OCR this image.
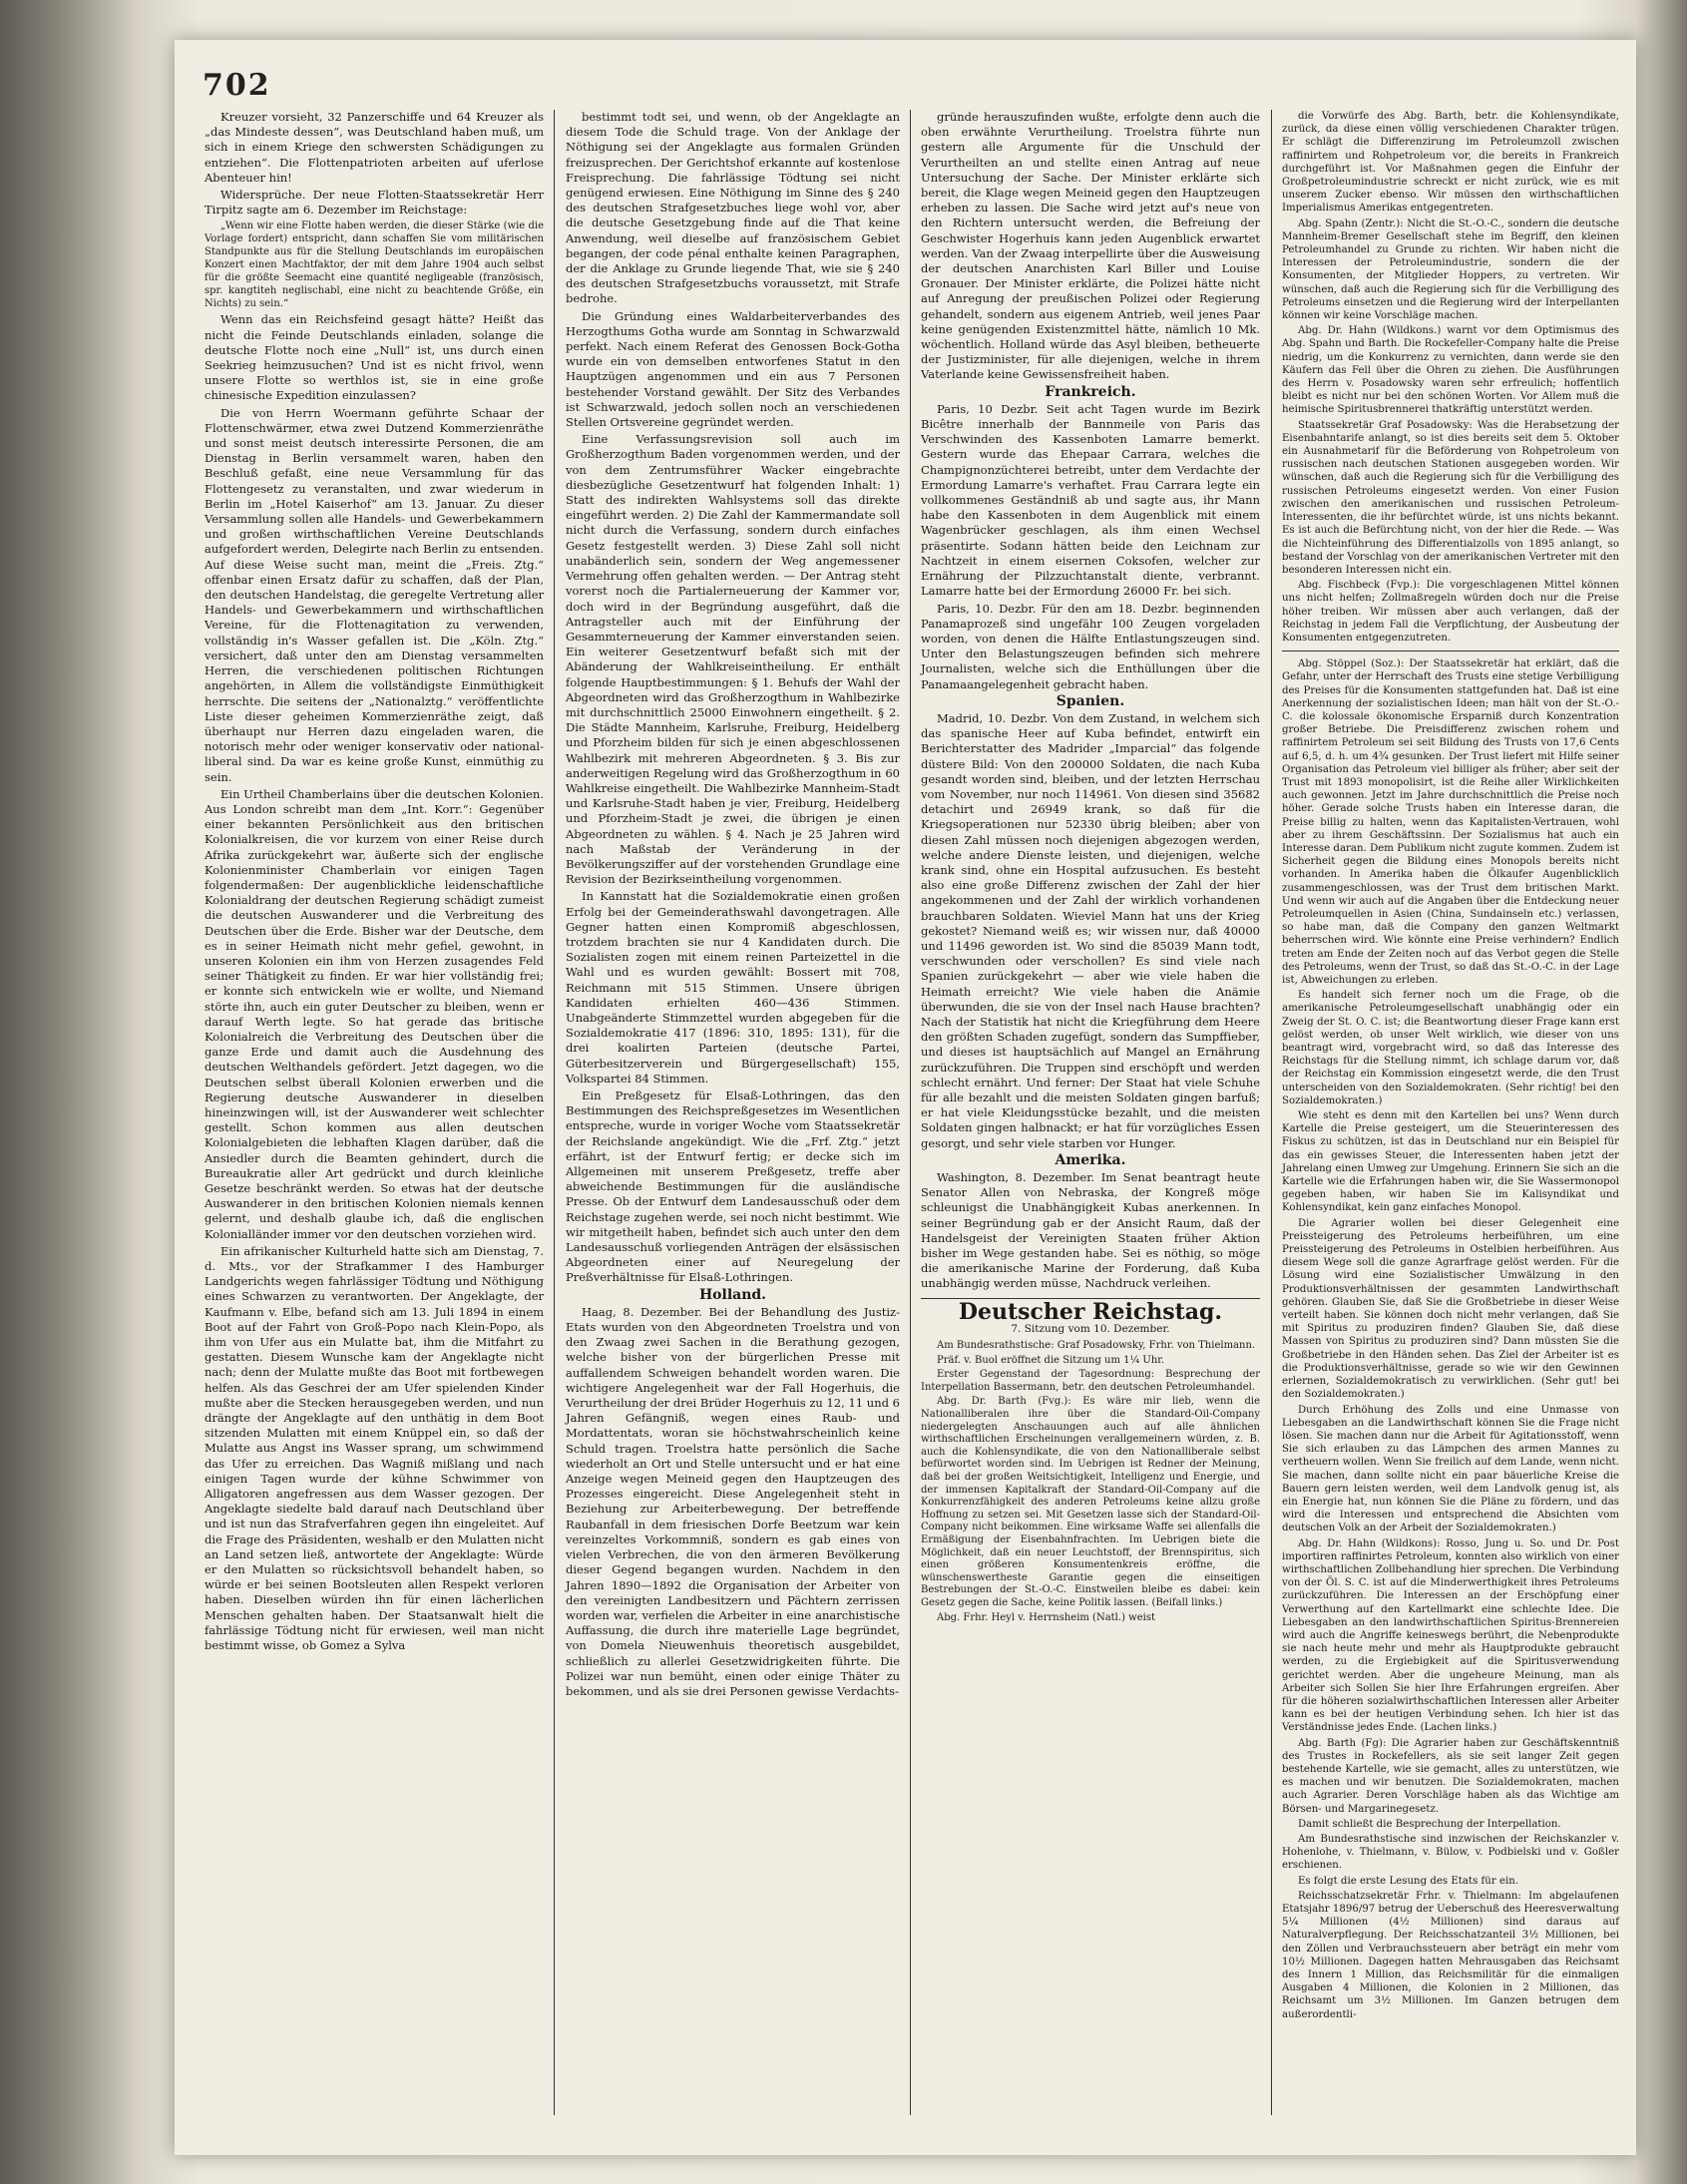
702

Kreuzer vorsieht, 32 Panzerschiffe und 64 Kreuzer als „das Mindeste dessen“, was Deutschland haben muß, um sich in einem Kriege den schwersten Schädigungen zu entziehen“. Die Flottenpatrioten arbeiten auf uferlose Abenteuer hin!

Widersprüche. Der neue Flotten-Staatssekretär Herr Tirpitz sagte am 6. Dezember im Reichstage:

„Wenn wir eine Flotte haben werden, die dieser Stärke (wie die Vorlage fordert) entspricht, dann schaffen Sie vom militärischen Standpunkte aus für die Stellung Deutschlands im europäischen Konzert einen Machtfaktor, der mit dem Jahre 1904 auch selbst für die größte Seemacht eine quantité negligeable (französisch, spr. kangtiteh neglischabl, eine nicht zu beachtende Größe, ein Nichts) zu sein.“

Wenn das ein Reichsfeind gesagt hätte? Heißt das nicht die Feinde Deutschlands einladen, solange die deutsche Flotte noch eine „Null“ ist, uns durch einen Seekrieg heimzusuchen? Und ist es nicht frivol, wenn unsere Flotte so werthlos ist, sie in eine große chinesische Expedition einzulassen?

Die von Herrn Woermann geführte Schaar der Flottenschwärmer, etwa zwei Dutzend Kommerzienräthe und sonst meist deutsch interessirte Personen, die am Dienstag in Berlin versammelt waren, haben den Beschluß gefaßt, eine neue Versammlung für das Flottengesetz zu veranstalten, und zwar wiederum in Berlin im „Hotel Kaiserhof“ am 13. Januar. Zu dieser Versammlung sollen alle Handels- und Gewerbekammern und großen wirthschaftlichen Vereine Deutschlands aufgefordert werden, Delegirte nach Berlin zu entsenden. Auf diese Weise sucht man, meint die „Freis. Ztg.“ offenbar einen Ersatz dafür zu schaffen, daß der Plan, den deutschen Handelstag, die geregelte Vertretung aller Handels- und Gewerbekammern und wirthschaftlichen Vereine, für die Flottenagitation zu verwenden, vollständig in's Wasser gefallen ist. Die „Köln. Ztg.“ versichert, daß unter den am Dienstag versammelten Herren, die verschiedenen politischen Richtungen angehörten, in Allem die vollständigste Einmüthigkeit herrschte. Die seitens der „Nationalztg.“ veröffentlichte Liste dieser geheimen Kommerzienräthe zeigt, daß überhaupt nur Herren dazu eingeladen waren, die notorisch mehr oder weniger konservativ oder national-liberal sind. Da war es keine große Kunst, einmüthig zu sein.

Ein Urtheil Chamberlains über die deutschen Kolonien. Aus London schreibt man dem „Int. Korr.“: Gegenüber einer bekannten Persönlichkeit aus den britischen Kolonialkreisen, die vor kurzem von einer Reise durch Afrika zurückgekehrt war, äußerte sich der englische Kolonienminister Chamberlain vor einigen Tagen folgendermaßen: Der augenblickliche leidenschaftliche Kolonialdrang der deutschen Regierung schädigt zumeist die deutschen Auswanderer und die Verbreitung des Deutschen über die Erde. Bisher war der Deutsche, dem es in seiner Heimath nicht mehr gefiel, gewohnt, in unseren Kolonien ein ihm von Herzen zusagendes Feld seiner Thätigkeit zu finden. Er war hier vollständig frei; er konnte sich entwickeln wie er wollte, und Niemand störte ihn, auch ein guter Deutscher zu bleiben, wenn er darauf Werth legte. So hat gerade das britische Kolonialreich die Verbreitung des Deutschen über die ganze Erde und damit auch die Ausdehnung des deutschen Welthandels gefördert. Jetzt dagegen, wo die Deutschen selbst überall Kolonien erwerben und die Regierung deutsche Auswanderer in dieselben hineinzwingen will, ist der Auswanderer weit schlechter gestellt. Schon kommen aus allen deutschen Kolonialgebieten die lebhaften Klagen darüber, daß die Ansiedler durch die Beamten gehindert, durch die Bureaukratie aller Art gedrückt und durch kleinliche Gesetze beschränkt werden. So etwas hat der deutsche Auswanderer in den britischen Kolonien niemals kennen gelernt, und deshalb glaube ich, daß die englischen Kolonialländer immer vor den deutschen vorziehen wird.

Ein afrikanischer Kulturheld hatte sich am Dienstag, 7. d. Mts., vor der Strafkammer I des Hamburger Landgerichts wegen fahrlässiger Tödtung und Nöthigung eines Schwarzen zu verantworten. Der Angeklagte, der Kaufmann v. Elbe, befand sich am 13. Juli 1894 in einem Boot auf der Fahrt von Groß-Popo nach Klein-Popo, als ihm von Ufer aus ein Mulatte bat, ihm die Mitfahrt zu gestatten. Diesem Wunsche kam der Angeklagte nicht nach; denn der Mulatte mußte das Boot mit fortbewegen helfen. Als das Geschrei der am Ufer spielenden Kinder mußte aber die Stecken herausgegeben werden, und nun drängte der Angeklagte auf den unthätig in dem Boot sitzenden Mulatten mit einem Knüppel ein, so daß der Mulatte aus Angst ins Wasser sprang, um schwimmend das Ufer zu erreichen. Das Wagniß mißlang und nach einigen Tagen wurde der kühne Schwimmer von Alligatoren angefressen aus dem Wasser gezogen. Der Angeklagte siedelte bald darauf nach Deutschland über und ist nun das Strafverfahren gegen ihn eingeleitet. Auf die Frage des Präsidenten, weshalb er den Mulatten nicht an Land setzen ließ, antwortete der Angeklagte: Würde er den Mulatten so rücksichtsvoll behandelt haben, so würde er bei seinen Bootsleuten allen Respekt verloren haben. Dieselben würden ihn für einen lächerlichen Menschen gehalten haben. Der Staatsanwalt hielt die fahrlässige Tödtung nicht für erwiesen, weil man nicht bestimmt wisse, ob Gomez a Sylva

bestimmt todt sei, und wenn, ob der Angeklagte an diesem Tode die Schuld trage. Von der Anklage der Nöthigung sei der Angeklagte aus formalen Gründen freizusprechen. Der Gerichtshof erkannte auf kostenlose Freisprechung. Die fahrlässige Tödtung sei nicht genügend erwiesen. Eine Nöthigung im Sinne des § 240 des deutschen Strafgesetzbuches liege wohl vor, aber die deutsche Gesetzgebung finde auf die That keine Anwendung, weil dieselbe auf französischem Gebiet begangen, der code pénal enthalte keinen Paragraphen, der die Anklage zu Grunde liegende That, wie sie § 240 des deutschen Strafgesetzbuchs voraussetzt, mit Strafe bedrohe.

Die Gründung eines Waldarbeiterverbandes des Herzogthums Gotha wurde am Sonntag in Schwarzwald perfekt. Nach einem Referat des Genossen Bock-Gotha wurde ein von demselben entworfenes Statut in den Hauptzügen angenommen und ein aus 7 Personen bestehender Vorstand gewählt. Der Sitz des Verbandes ist Schwarzwald, jedoch sollen noch an verschiedenen Stellen Ortsvereine gegründet werden.

Eine Verfassungsrevision soll auch im Großherzogthum Baden vorgenommen werden, und der von dem Zentrumsführer Wacker eingebrachte diesbezügliche Gesetzentwurf hat folgenden Inhalt: 1) Statt des indirekten Wahlsystems soll das direkte eingeführt werden. 2) Die Zahl der Kammermandate soll nicht durch die Verfassung, sondern durch einfaches Gesetz festgestellt werden. 3) Diese Zahl soll nicht unabänderlich sein, sondern der Weg angemessener Vermehrung offen gehalten werden. — Der Antrag steht vorerst noch die Partialerneuerung der Kammer vor, doch wird in der Begründung ausgeführt, daß die Antragsteller auch mit der Einführung der Gesammterneuerung der Kammer einverstanden seien. Ein weiterer Gesetzentwurf befaßt sich mit der Abänderung der Wahlkreiseintheilung. Er enthält folgende Hauptbestimmungen: § 1. Behufs der Wahl der Abgeordneten wird das Großherzogthum in Wahlbezirke mit durchschnittlich 25000 Einwohnern eingetheilt. § 2. Die Städte Mannheim, Karlsruhe, Freiburg, Heidelberg und Pforzheim bilden für sich je einen abgeschlossenen Wahlbezirk mit mehreren Abgeordneten. § 3. Bis zur anderweitigen Regelung wird das Großherzogthum in 60 Wahlkreise eingetheilt. Die Wahlbezirke Mannheim-Stadt und Karlsruhe-Stadt haben je vier, Freiburg, Heidelberg und Pforzheim-Stadt je zwei, die übrigen je einen Abgeordneten zu wählen. § 4. Nach je 25 Jahren wird nach Maßstab der Veränderung in der Bevölkerungsziffer auf der vorstehenden Grundlage eine Revision der Bezirkseintheilung vorgenommen.

In Kannstatt hat die Sozialdemokratie einen großen Erfolg bei der Gemeinderathswahl davongetragen. Alle Gegner hatten einen Kompromiß abgeschlossen, trotzdem brachten sie nur 4 Kandidaten durch. Die Sozialisten zogen mit einem reinen Parteizettel in die Wahl und es wurden gewählt: Bossert mit 708, Reichmann mit 515 Stimmen. Unsere übrigen Kandidaten erhielten 460—436 Stimmen. Unabgeänderte Stimmzettel wurden abgegeben für die Sozialdemokratie 417 (1896: 310, 1895: 131), für die drei koalirten Parteien (deutsche Partei, Güterbesitzerverein und Bürgergesellschaft) 155, Volkspartei 84 Stimmen.

Ein Preßgesetz für Elsaß-Lothringen, das den Bestimmungen des Reichspreßgesetzes im Wesentlichen entspreche, wurde in voriger Woche vom Staatssekretär der Reichslande angekündigt. Wie die „Frf. Ztg.“ jetzt erfährt, ist der Entwurf fertig; er decke sich im Allgemeinen mit unserem Preßgesetz, treffe aber abweichende Bestimmungen für die ausländische Presse. Ob der Entwurf dem Landesausschuß oder dem Reichstage zugehen werde, sei noch nicht bestimmt. Wie wir mitgetheilt haben, befindet sich auch unter den dem Landesausschuß vorliegenden Anträgen der elsässischen Abgeordneten einer auf Neuregelung der Preßverhältnisse für Elsaß-Lothringen.

Holland.

Haag, 8. Dezember. Bei der Behandlung des Justiz-Etats wurden von den Abgeordneten Troelstra und von den Zwaag zwei Sachen in die Berathung gezogen, welche bisher von der bürgerlichen Presse mit auffallendem Schweigen behandelt worden waren. Die wichtigere Angelegenheit war der Fall Hogerhuis, die Verurtheilung der drei Brüder Hogerhuis zu 12, 11 und 6 Jahren Gefängniß, wegen eines Raub- und Mordattentats, woran sie höchstwahrscheinlich keine Schuld tragen. Troelstra hatte persönlich die Sache wiederholt an Ort und Stelle untersucht und er hat eine Anzeige wegen Meineid gegen den Hauptzeugen des Prozesses eingereicht. Diese Angelegenheit steht in Beziehung zur Arbeiterbewegung. Der betreffende Raubanfall in dem friesischen Dorfe Beetzum war kein vereinzeltes Vorkommniß, sondern es gab eines von vielen Verbrechen, die von den ärmeren Bevölkerung dieser Gegend begangen wurden. Nachdem in den Jahren 1890—1892 die Organisation der Arbeiter von den vereinigten Landbesitzern und Pächtern zerrissen worden war, verfielen die Arbeiter in eine anarchistische Auffassung, die durch ihre materielle Lage begründet, von Domela Nieuwenhuis theoretisch ausgebildet, schließlich zu allerlei Gesetzwidrigkeiten führte. Die Polizei war nun bemüht, einen oder einige Thäter zu bekommen, und als sie drei Personen gewisse Verdachts-

gründe herauszufinden wußte, erfolgte denn auch die oben erwähnte Verurtheilung. Troelstra führte nun gestern alle Argumente für die Unschuld der Verurtheilten an und stellte einen Antrag auf neue Untersuchung der Sache. Der Minister erklärte sich bereit, die Klage wegen Meineid gegen den Hauptzeugen erheben zu lassen. Die Sache wird jetzt auf's neue von den Richtern untersucht werden, die Befreiung der Geschwister Hogerhuis kann jeden Augenblick erwartet werden. Van der Zwaag interpellirte über die Ausweisung der deutschen Anarchisten Karl Biller und Louise Gronauer. Der Minister erklärte, die Polizei hätte nicht auf Anregung der preußischen Polizei oder Regierung gehandelt, sondern aus eigenem Antrieb, weil jenes Paar keine genügenden Existenzmittel hätte, nämlich 10 Mk. wöchentlich. Holland würde das Asyl bleiben, betheuerte der Justizminister, für alle diejenigen, welche in ihrem Vaterlande keine Gewissensfreiheit haben.

Frankreich.

Paris, 10 Dezbr. Seit acht Tagen wurde im Bezirk Bicêtre innerhalb der Bannmeile von Paris das Verschwinden des Kassenboten Lamarre bemerkt. Gestern wurde das Ehepaar Carrara, welches die Champignonzüchterei betreibt, unter dem Verdachte der Ermordung Lamarre's verhaftet. Frau Carrara legte ein vollkommenes Geständniß ab und sagte aus, ihr Mann habe den Kassenboten in dem Augenblick mit einem Wagenbrücker geschlagen, als ihm einen Wechsel präsentirte. Sodann hätten beide den Leichnam zur Nachtzeit in einem eisernen Coksofen, welcher zur Ernährung der Pilzzuchtanstalt diente, verbrannt. Lamarre hatte bei der Ermordung 26000 Fr. bei sich.

Paris, 10. Dezbr. Für den am 18. Dezbr. beginnenden Panamaprozeß sind ungefähr 100 Zeugen vorgeladen worden, von denen die Hälfte Entlastungszeugen sind. Unter den Belastungszeugen befinden sich mehrere Journalisten, welche sich die Enthüllungen über die Panamaangelegenheit gebracht haben.

Spanien.

Madrid, 10. Dezbr. Von dem Zustand, in welchem sich das spanische Heer auf Kuba befindet, entwirft ein Berichterstatter des Madrider „Imparcial“ das folgende düstere Bild: Von den 200000 Soldaten, die nach Kuba gesandt worden sind, bleiben, und der letzten Herrschau vom November, nur noch 114961. Von diesen sind 35682 detachirt und 26949 krank, so daß für die Kriegsoperationen nur 52330 übrig bleiben; aber von diesen Zahl müssen noch diejenigen abgezogen werden, welche andere Dienste leisten, und diejenigen, welche krank sind, ohne ein Hospital aufzusuchen. Es besteht also eine große Differenz zwischen der Zahl der hier angekommenen und der Zahl der wirklich vorhandenen brauchbaren Soldaten. Wieviel Mann hat uns der Krieg gekostet? Niemand weiß es; wir wissen nur, daß 40000 und 11496 geworden ist. Wo sind die 85039 Mann todt, verschwunden oder verschollen? Es sind viele nach Spanien zurückgekehrt — aber wie viele haben die Heimath erreicht? Wie viele haben die Anämie überwunden, die sie von der Insel nach Hause brachten? Nach der Statistik hat nicht die Kriegführung dem Heere den größten Schaden zugefügt, sondern das Sumpffieber, und dieses ist hauptsächlich auf Mangel an Ernährung zurückzuführen. Die Truppen sind erschöpft und werden schlecht ernährt. Und ferner: Der Staat hat viele Schuhe für alle bezahlt und die meisten Soldaten gingen barfuß; er hat viele Kleidungsstücke bezahlt, und die meisten Soldaten gingen halbnackt; er hat für vorzügliches Essen gesorgt, und sehr viele starben vor Hunger.

Amerika.

Washington, 8. Dezember. Im Senat beantragt heute Senator Allen von Nebraska, der Kongreß möge schleunigst die Unabhängigkeit Kubas anerkennen. In seiner Begründung gab er der Ansicht Raum, daß der Handelsgeist der Vereinigten Staaten früher Aktion bisher im Wege gestanden habe. Sei es nöthig, so möge die amerikanische Marine der Forderung, daß Kuba unabhängig werden müsse, Nachdruck verleihen.

Deutscher Reichstag.
7. Sitzung vom 10. Dezember.

Am Bundesrathstische: Graf Posadowsky, Frhr. von Thielmann.

Präf. v. Buol eröffnet die Sitzung um 1¼ Uhr.

Erster Gegenstand der Tagesordnung: Besprechung der Interpellation Bassermann, betr. den deutschen Petroleumhandel.

Abg. Dr. Barth (Fvg.): Es wäre mir lieb, wenn die Nationalliberalen ihre über die Standard-Oil-Company niedergelegten Anschauungen auch auf alle ähnlichen wirthschaftlichen Erscheinungen verallgemeinern würden, z. B. auch die Kohlensyndikate, die von den Nationalliberale selbst befürwortet worden sind. Im Uebrigen ist Redner der Meinung, daß bei der großen Weitsichtigkeit, Intelligenz und Energie, und der immensen Kapitalkraft der Standard-Oil-Company auf die Konkurrenzfähigkeit des anderen Petroleums keine allzu große Hoffnung zu setzen sei. Mit Gesetzen lasse sich der Standard-Oil-Company nicht beikommen. Eine wirksame Waffe sei allenfalls die Ermäßigung der Eisenbahnfrachten. Im Uebrigen biete die Möglichkeit, daß ein neuer Leuchtstoff, der Brennspiritus, sich einen größeren Konsumentenkreis eröffne, die wünschenswertheste Garantie gegen die einseitigen Bestrebungen der St.-O.-C. Einstweilen bleibe es dabei: kein Gesetz gegen die Sache, keine Politik lassen. (Beifall links.)

Abg. Frhr. Heyl v. Herrnsheim (Natl.) weist

die Vorwürfe des Abg. Barth, betr. die Kohlensyndikate, zurück, da diese einen völlig verschiedenen Charakter trügen. Er schlägt die Differenzirung im Petroleumzoll zwischen raffinirtem und Rohpetroleum vor, die bereits in Frankreich durchgeführt ist. Vor Maßnahmen gegen die Einfuhr der Großpetroleumindustrie schreckt er nicht zurück, wie es mit unserem Zucker ebenso. Wir müssen den wirthschaftlichen Imperialismus Amerikas entgegentreten.

Abg. Spahn (Zentr.): Nicht die St.-O.-C., sondern die deutsche Mannheim-Bremer Gesellschaft stehe im Begriff, den kleinen Petroleumhandel zu Grunde zu richten. Wir haben nicht die Interessen der Petroleumindustrie, sondern die der Konsumenten, der Mitglieder Hoppers, zu vertreten. Wir wünschen, daß auch die Regierung sich für die Verbilligung des Petroleums einsetzen und die Regierung wird der Interpellanten können wir keine Vorschläge machen.

Abg. Dr. Hahn (Wildkons.) warnt vor dem Optimismus des Abg. Spahn und Barth. Die Rockefeller-Company halte die Preise niedrig, um die Konkurrenz zu vernichten, dann werde sie den Käufern das Fell über die Ohren zu ziehen. Die Ausführungen des Herrn v. Posadowsky waren sehr erfreulich; hoffentlich bleibt es nicht nur bei den schönen Worten. Vor Allem muß die heimische Spiritusbrennerei thatkräftig unterstützt werden.

Staatssekretär Graf Posadowsky: Was die Herabsetzung der Eisenbahntarife anlangt, so ist dies bereits seit dem 5. Oktober ein Ausnahmetarif für die Beförderung von Rohpetroleum von russischen nach deutschen Stationen ausgegeben worden. Wir wünschen, daß auch die Regierung sich für die Verbilligung des russischen Petroleums eingesetzt werden. Von einer Fusion zwischen den amerikanischen und russischen Petroleum-Interessenten, die ihr befürchtet würde, ist uns nichts bekannt. Es ist auch die Befürchtung nicht, von der hier die Rede. — Was die Nichteinführung des Differentialzolls von 1895 anlangt, so bestand der Vorschlag von der amerikanischen Vertreter mit den besonderen Interessen nicht ein.

Abg. Fischbeck (Fvp.): Die vorgeschlagenen Mittel können uns nicht helfen; Zollmaßregeln würden doch nur die Preise höher treiben. Wir müssen aber auch verlangen, daß der Reichstag in jedem Fall die Verpflichtung, der Ausbeutung der Konsumenten entgegenzutreten.

Abg. Stöppel (Soz.): Der Staatssekretär hat erklärt, daß die Gefahr, unter der Herrschaft des Trusts eine stetige Verbilligung des Preises für die Konsumenten stattgefunden hat. Daß ist eine Anerkennung der sozialistischen Ideen; man hält von der St.-O.-C. die kolossale ökonomische Ersparniß durch Konzentration großer Betriebe. Die Preisdifferenz zwischen rohem und raffinirtem Petroleum sei seit Bildung des Trusts von 17,6 Cents auf 6,5, d. h. um 4¾ gesunken. Der Trust liefert mit Hilfe seiner Organisation das Petroleum viel billiger als früher; aber seit der Trust mit 1893 monopolisirt, ist die Reihe aller Wirklichkeiten auch gewonnen. Jetzt im Jahre durchschnittlich die Preise noch höher. Gerade solche Trusts haben ein Interesse daran, die Preise billig zu halten, wenn das Kapitalisten-Vertrauen, wohl aber zu ihrem Geschäftssinn. Der Sozialismus hat auch ein Interesse daran. Dem Publikum nicht zugute kommen. Zudem ist Sicherheit gegen die Bildung eines Monopols bereits nicht vorhanden. In Amerika haben die Ölkaufer Augenblicklich zusammengeschlossen, was der Trust dem britischen Markt. Und wenn wir auch auf die Angaben über die Entdeckung neuer Petroleumquellen in Asien (China, Sundainseln etc.) verlassen, so habe man, daß die Company den ganzen Weltmarkt beherrschen wird. Wie könnte eine Preise verhindern? Endlich treten am Ende der Zeiten noch auf das Verbot gegen die Stelle des Petroleums, wenn der Trust, so daß das St.-O.-C. in der Lage ist, Abweichungen zu erleben.

Es handelt sich ferner noch um die Frage, ob die amerikanische Petroleumgesellschaft unabhängig oder ein Zweig der St. O. C. ist; die Beantwortung dieser Frage kann erst gelöst werden, ob unser Welt wirklich, wie dieser von uns beantragt wird, vorgebracht wird, so daß das Interesse des Reichstags für die Stellung nimmt, ich schlage darum vor, daß der Reichstag ein Kommission eingesetzt werde, die den Trust unterscheiden von den Sozialdemokraten. (Sehr richtig! bei den Sozialdemokraten.)

Wie steht es denn mit den Kartellen bei uns? Wenn durch Kartelle die Preise gesteigert, um die Steuerinteressen des Fiskus zu schützen, ist das in Deutschland nur ein Beispiel für das ein gewisses Steuer, die Interessenten haben jetzt der Jahrelang einen Umweg zur Umgehung. Erinnern Sie sich an die Kartelle wie die Erfahrungen haben wir, die Sie Wassermonopol gegeben haben, wir haben Sie im Kalisyndikat und Kohlensyndikat, kein ganz einfaches Monopol.

Die Agrarier wollen bei dieser Gelegenheit eine Preissteigerung des Petroleums herbeiführen, um eine Preissteigerung des Petroleums in Ostelbien herbeiführen. Aus diesem Wege soll die ganze Agrarfrage gelöst werden. Für die Lösung wird eine Sozialistischer Umwälzung in den Produktionsverhältnissen der gesammten Landwirthschaft gehören. Glauben Sie, daß Sie die Großbetriebe in dieser Weise verteilt haben. Sie können doch nicht mehr verlangen, daß Sie mit Spiritus zu produziren finden? Glauben Sie, daß diese Massen von Spiritus zu produziren sind? Dann müssten Sie die Großbetriebe in den Händen sehen. Das Ziel der Arbeiter ist es die Produktionsverhältnisse, gerade so wie wir den Gewinnen erlernen, Sozialdemokratisch zu verwirklichen. (Sehr gut! bei den Sozialdemokraten.)

Durch Erhöhung des Zolls und eine Unmasse von Liebesgaben an die Landwirthschaft können Sie die Frage nicht lösen. Sie machen dann nur die Arbeit für Agitationsstoff, wenn Sie sich erlauben zu das Lämpchen des armen Mannes zu vertheuern wollen. Wenn Sie freilich auf dem Lande, wenn nicht. Sie machen, dann sollte nicht ein paar bäuerliche Kreise die Bauern gern leisten werden, weil dem Landvolk genug ist, als ein Energie hat, nun können Sie die Pläne zu fördern, und das wird die Interessen und entsprechend die Absichten vom deutschen Volk an der Arbeit der Sozialdemokraten.)

Abg. Dr. Hahn (Wildkons): Rosso, Jung u. So. und Dr. Post importiren raffinirtes Petroleum, konnten also wirklich von einer wirthschaftlichen Zollbehandlung hier sprechen. Die Verbindung von der Öl. S. C. ist auf die Minderwerthigkeit ihres Petroleums zurückzuführen. Die Interessen an der Erschöpfung einer Verwerthung auf den Kartellmarkt eine schlechte Idee. Die Liebesgaben an den landwirthschaftlichen Spiritus-Brennereien wird auch die Angriffe keineswegs berührt, die Nebenprodukte sie nach heute mehr und mehr als Hauptprodukte gebraucht werden, zu die Ergiebigkeit auf die Spiritusverwendung gerichtet werden. Aber die ungeheure Meinung, man als Arbeiter sich Sollen Sie hier Ihre Erfahrungen ergreifen. Aber für die höheren sozialwirthschaftlichen Interessen aller Arbeiter kann es bei der heutigen Verbindung sehen. Ich hier ist das Verständnisse jedes Ende. (Lachen links.)

Abg. Barth (Fg): Die Agrarier haben zur Geschäftskenntniß des Trustes in Rockefellers, als sie seit langer Zeit gegen bestehende Kartelle, wie sie gemacht, alles zu unterstützen, wie es machen und wir benutzen. Die Sozialdemokraten, machen auch Agrarier. Deren Vorschläge haben als das Wichtige am Börsen- und Margarinegesetz.

Damit schließt die Besprechung der Interpellation.

Am Bundesrathstische sind inzwischen der Reichskanzler v. Hohenlohe, v. Thielmann, v. Bülow, v. Podbielski und v. Goßler erschienen.

Es folgt die erste Lesung des Etats für ein.

Reichsschatzsekretär Frhr. v. Thielmann: Im abgelaufenen Etatsjahr 1896/97 betrug der Ueberschuß des Heeresverwaltung 5¼ Millionen (4½ Millionen) sind daraus auf Naturalverpflegung. Der Reichsschatzanteil 3½ Millionen, bei den Zöllen und Verbrauchssteuern aber beträgt ein mehr vom 10½ Millionen. Dagegen hatten Mehrausgaben das Reichsamt des Innern 1 Million, das Reichsmilitär für die einmaligen Ausgaben 4 Millionen, die Kolonien in 2 Millionen, das Reichsamt um 3½ Millionen. Im Ganzen betrugen dem außerordentli-
